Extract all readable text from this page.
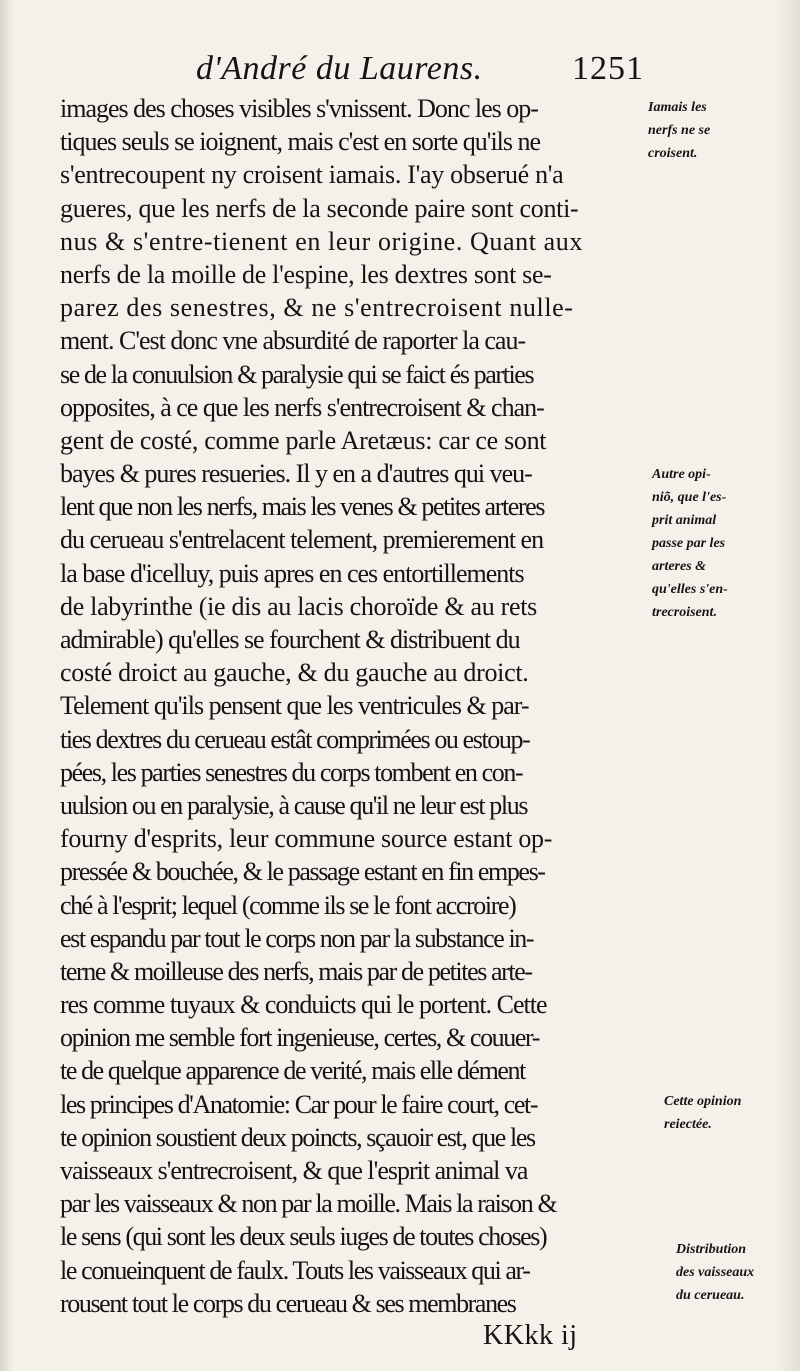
d'André du Laurens.	1251
images des choses visibles s'vnissent. Donc les op-
tiques seuls se ioignent, mais c'est en sorte qu'ils ne
s'entrecoupent ny croisent iamais. I'ay obserué n'a
gueres, que les nerfs de la seconde paire sont conti-
nus & s'entre-tienent en leur origine. Quant aux
nerfs de la moille de l'espine, les dextres sont se-
parez des senestres, & ne s'entrecroisent nulle-
ment. C'est donc vne absurdité de raporter la cau-
se de la conuulsion & paralysie qui se faict és parties
opposites, à ce que les nerfs s'entrecroisent & chan-
gent de costé, comme parle Aretæus: car ce sont
bayes & pures resueries. Il y en a d'autres qui veu-
lent que non les nerfs, mais les venes & petites arteres
du cerueau s'entrelacent telement, premierement en
la base d'icelluy, puis apres en ces entortillements
de labyrinthe (ie dis au lacis choroïde & au rets
admirable) qu'elles se fourchent & distribuent du
costé droict au gauche, & du gauche au droict.
Telement qu'ils pensent que les ventricules & par-
ties dextres du cerueau estât comprimées ou estoup-
pées, les parties senestres du corps tombent en con-
uulsion ou en paralysie, à cause qu'il ne leur est plus
fourny d'esprits, leur commune source estant op-
pressée & bouchée, & le passage estant en fin empes-
ché à l'esprit; lequel (comme ils se le font accroire)
est espandu par tout le corps non par la substance in-
terne & moilleuse des nerfs, mais par de petites arte-
res comme tuyaux & conduicts qui le portent. Cette
opinion me semble fort ingenieuse, certes, & couuer-
te de quelque apparence de verité, mais elle dément
les principes d'Anatomie: Car pour le faire court, cet-
te opinion soustient deux poincts, sçauoir est, que les
vaisseaux s'entrecroisent, & que l'esprit animal va
par les vaisseaux & non par la moille. Mais la raison &
le sens (qui sont les deux seuls iuges de toutes choses)
le conueinquent de faulx. Touts les vaisseaux qui ar-
rousent tout le corps du cerueau & ses membranes
Iamais les
nerfs ne se
croisent.
Autre opi-
niõ, que l'es-
prit animal
passe par les
arteres &
qu'elles s'en-
trecroisent.
Cette opinion
reiectée.
Distribution
des vaisseaux
du cerueau.
KKkk ij
